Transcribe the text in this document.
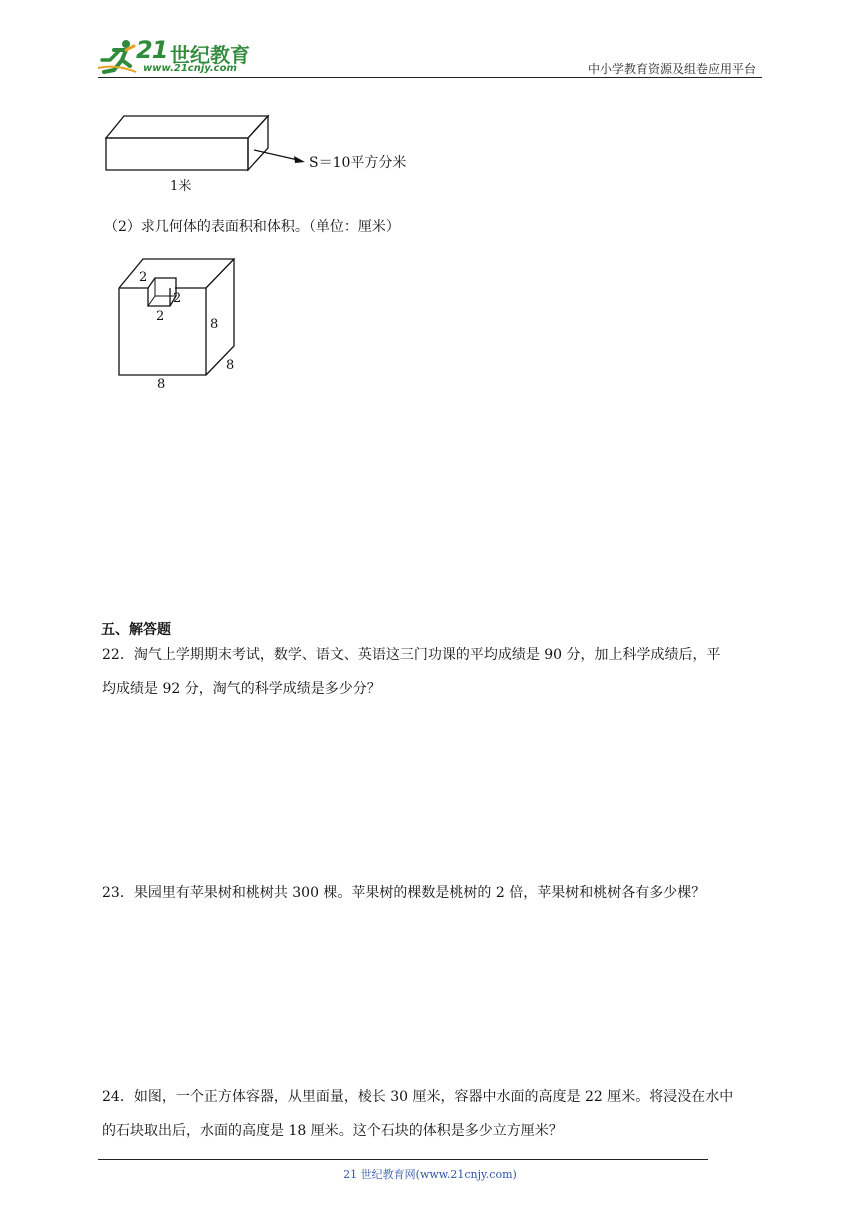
21 世纪教育
www.21cnjy.com	中小学教育资源及组卷应用平台
1米
S＝10平方分米
（2）求几何体的表面积和体积。（单位：厘米）
2
2
2
8
8
8
五、解答题
22．淘气上学期期末考试，数学、语文、英语这三门功课的平均成绩是 90 分，加上科学成绩后，平
均成绩是 92 分，淘气的科学成绩是多少分？
23．果园里有苹果树和桃树共 300 棵。苹果树的棵数是桃树的 2 倍，苹果树和桃树各有多少棵？
24．如图，一个正方体容器，从里面量，棱长 30 厘米，容器中水面的高度是 22 厘米。将浸没在水中
的石块取出后，水面的高度是 18 厘米。这个石块的体积是多少立方厘米？
21 世纪教育网(www.21cnjy.com)
